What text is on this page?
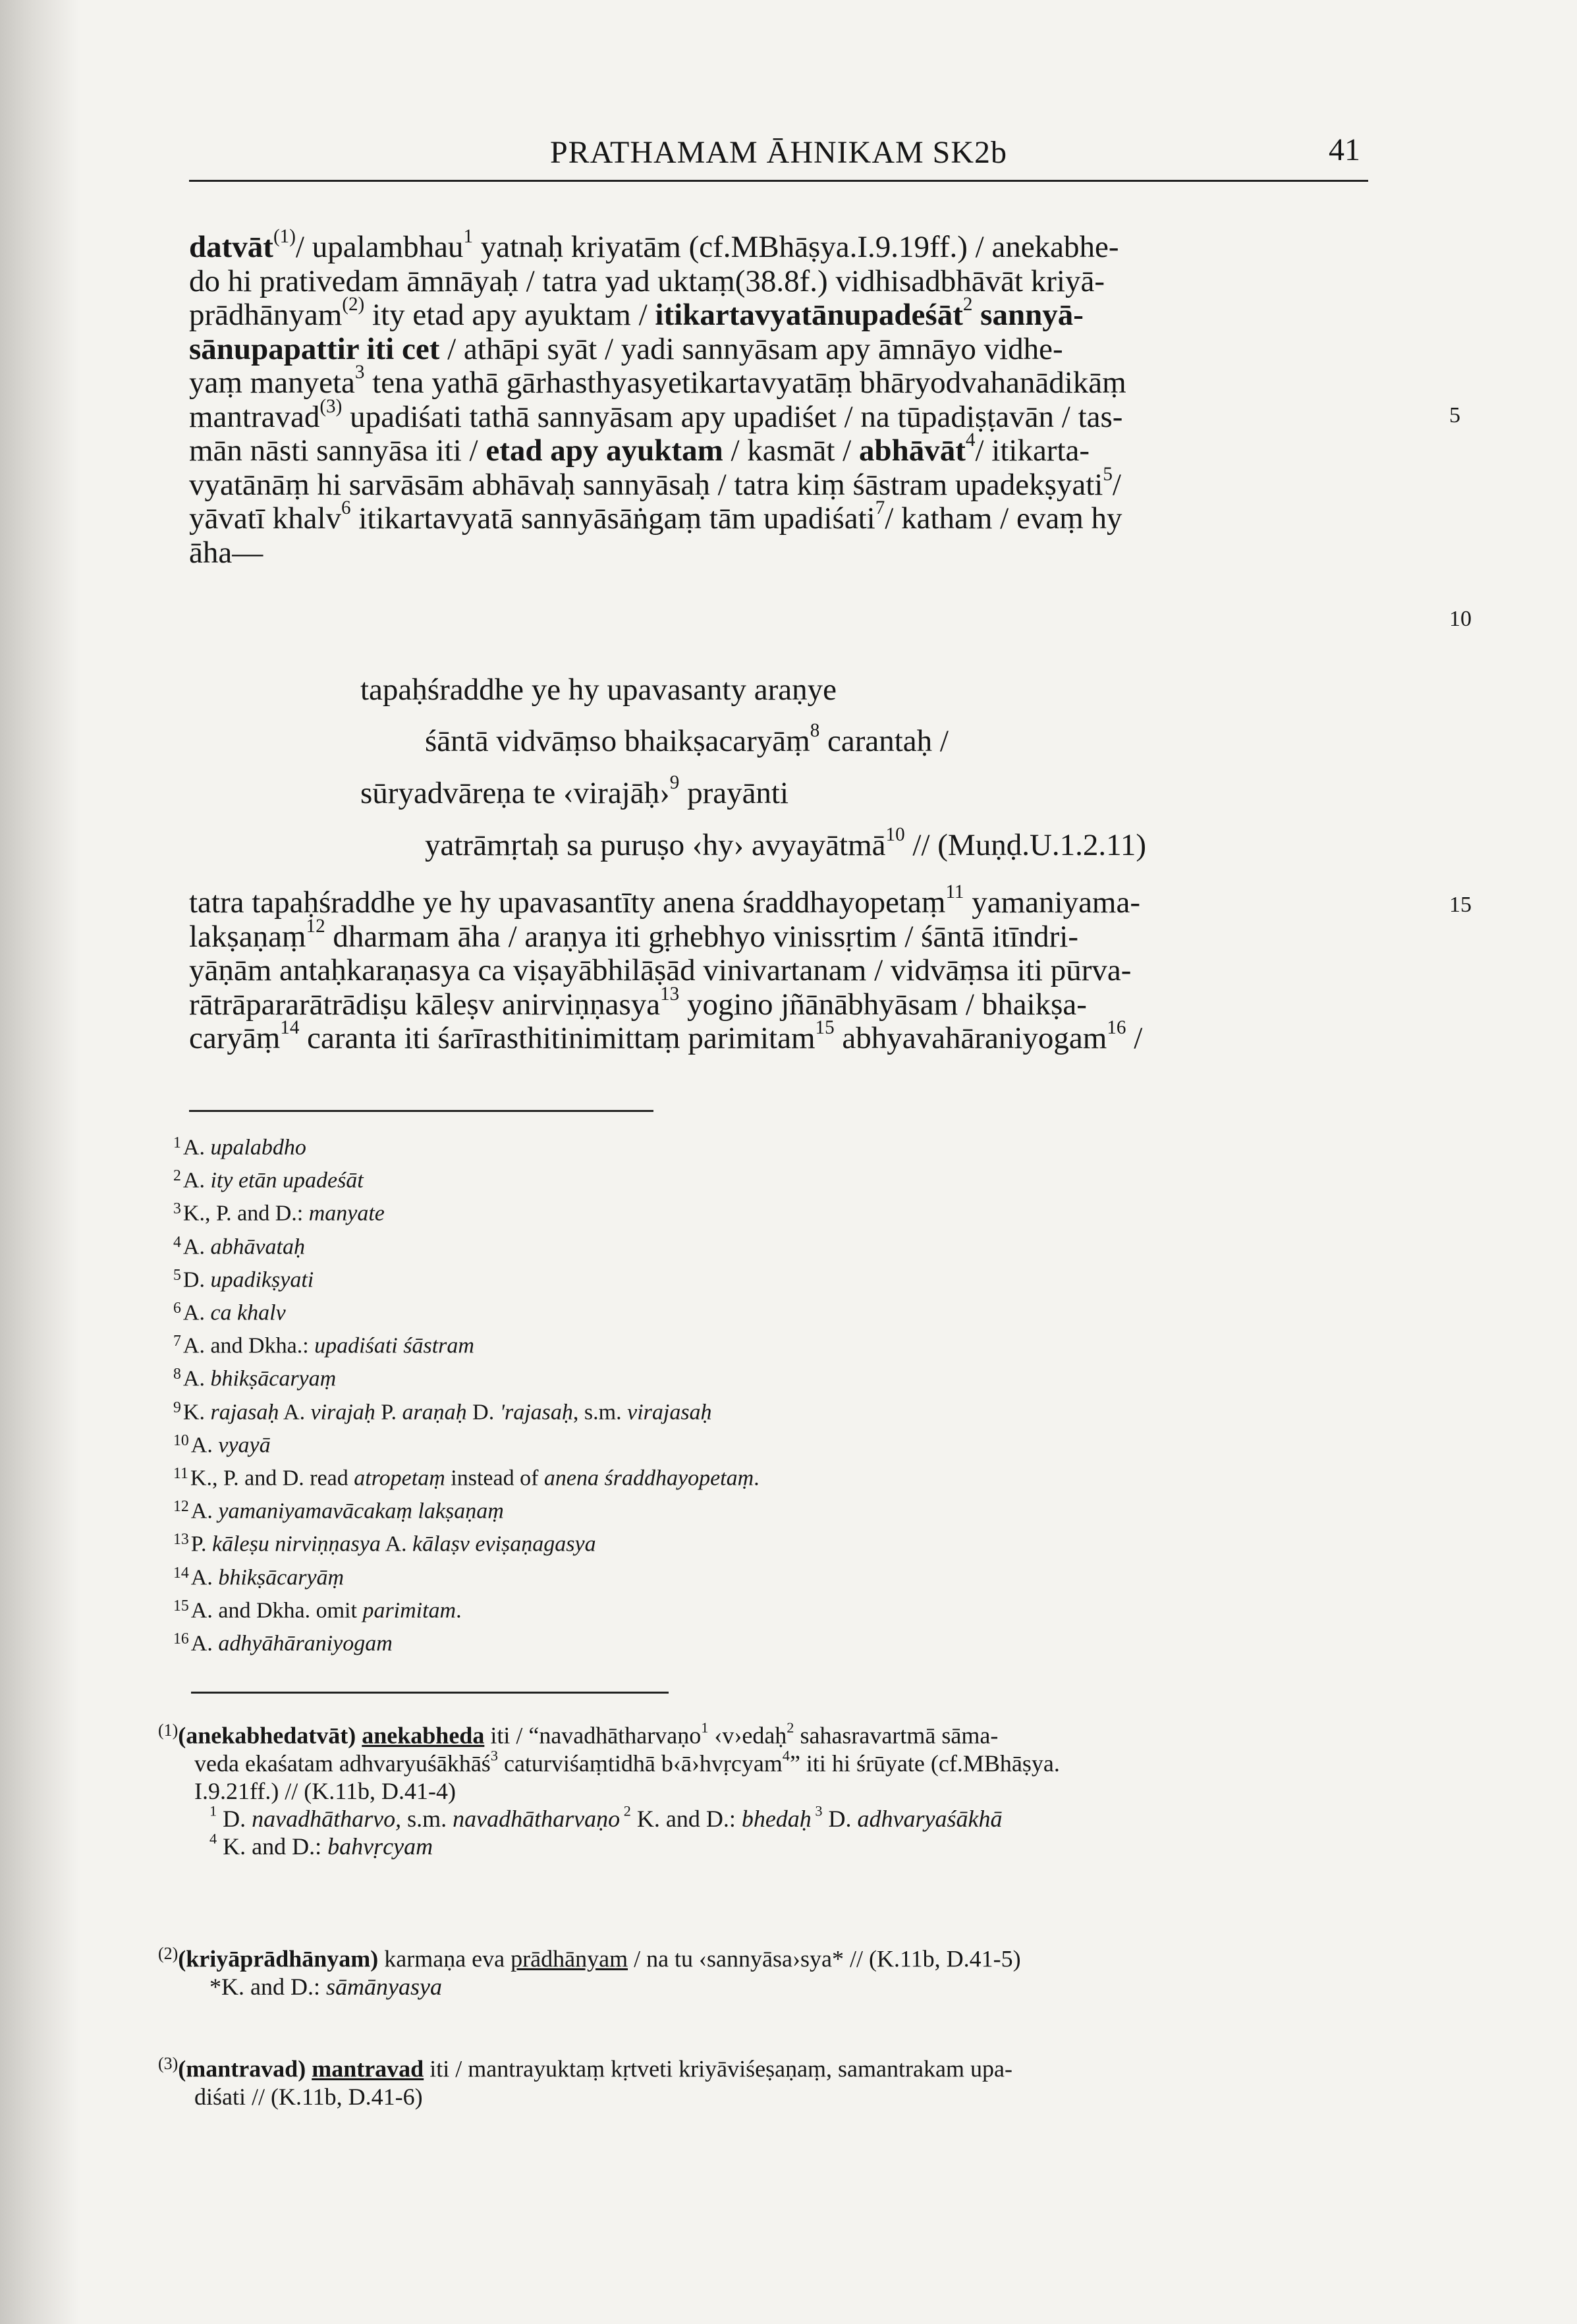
PRATHAMAM ĀHNIKAM SK2b	41
datvāt$^{(1)}$/ upalambhau$^1$ yatnaḥ kriyatām (cf.MBhāṣya.I.9.19ff.) / anekabhe-
do hi prativedam āmnāyaḥ / tatra yad uktaṃ(38.8f.) vidhisadbhāvāt kriyā-
prādhānyam$^{(2)}$ ity etad apy ayuktam / itikartavyatānupadeśāt$^2$ sannyā-
sānupapattir iti cet / athāpi syāt / yadi sannyāsam apy āmnāyo vidhe-
yaṃ manyeta$^3$ tena yathā gārhasthyasyetikartavyatāṃ bhāryodvahanādikāṃ
mantravad$^{(3)}$ upadiśati tathā sannyāsam apy upadiśet / na tūpadiṣṭavān / tas-
mān nāsti sannyāsa iti / etad apy ayuktam / kasmāt / abhāvāt$^4$/ itikarta-
vyatānāṃ hi sarvāsām abhāvaḥ sannyāsaḥ / tatra kiṃ śāstram upadekṣyati$^5$/
yāvatī khalv$^6$ itikartavyatā sannyāsāṅgaṃ tām upadiśati$^7$/ katham / evaṃ hy
āha—
5
10
15
tapaḥśraddhe ye hy upavasanty araṇye
śāntā vidvāṃso bhaikṣacaryāṃ$^8$ carantaḥ /
sūryadvāreṇa te ‹virajāḥ›$^9$ prayānti
yatrāmṛtaḥ sa puruṣo ‹hy› avyayātmā$^{10}$ // (Muṇḍ.U.1.2.11)
tatra tapaḥśraddhe ye hy upavasantīty anena śraddhayopetaṃ$^{11}$ yamaniyama-
lakṣaṇaṃ$^{12}$ dharmam āha / araṇya iti gṛhebhyo vinissṛtim / śāntā itīndri-
yāṇām antaḥkaraṇasya ca viṣayābhilāṣād vinivartanam / vidvāṃsa iti pūrva-
rātrāpararātrādiṣu kāleṣv anirviṇṇasya$^{13}$ yogino jñānābhyāsam / bhaikṣa-
caryāṃ$^{14}$ caranta iti śarīrasthitinimittaṃ parimitam$^{15}$ abhyavahāraniyogam$^{16}$ /
$^1$A. upalabdho
$^2$A. ity etān upadeśāt
$^3$K., P. and D.: manyate
$^4$A. abhāvataḥ
$^5$D. upadikṣyati
$^6$A. ca khalv
$^7$A. and Dkha.: upadiśati śāstram
$^8$A. bhikṣācaryaṃ
$^9$K. rajasaḥ A. virajaḥ P. araṇaḥ D. 'rajasaḥ, s.m. virajasaḥ
$^{10}$A. vyayā
$^{11}$K., P. and D. read atropetaṃ instead of anena śraddhayopetaṃ.
$^{12}$A. yamaniyamavācakaṃ lakṣaṇaṃ
$^{13}$P. kāleṣu nirviṇṇasya A. kālaṣv eviṣaṇagasya
$^{14}$A. bhikṣācaryāṃ
$^{15}$A. and Dkha. omit parimitam.
$^{16}$A. adhyāhāraniyogam
$^{(1)}$(anekabhedatvāt) anekabheda iti / “navadhātharvaṇo$^1$ ‹v›edaḥ$^2$ sahasravartmā sāma-
veda ekaśatam adhvaryuśākhāś$^3$ caturviśaṃtidhā b‹ā›hvṛcyam$^4$” iti hi śrūyate (cf.MBhāṣya.
I.9.21ff.) // (K.11b, D.41-4)
$^1$ D. navadhātharvo, s.m. navadhātharvaṇo $^2$ K. and D.: bhedaḥ $^3$ D. adhvaryaśākhā
$^4$ K. and D.: bahvṛcyam
$^{(2)}$(kriyāprādhānyam) karmaṇa eva prādhānyam / na tu ‹sannyāsa›sya* // (K.11b, D.41-5)
*K. and D.: sāmānyasya
$^{(3)}$(mantravad) mantravad iti / mantrayuktaṃ kṛtveti kriyāviśeṣaṇaṃ, samantrakam upa-
diśati // (K.11b, D.41-6)
